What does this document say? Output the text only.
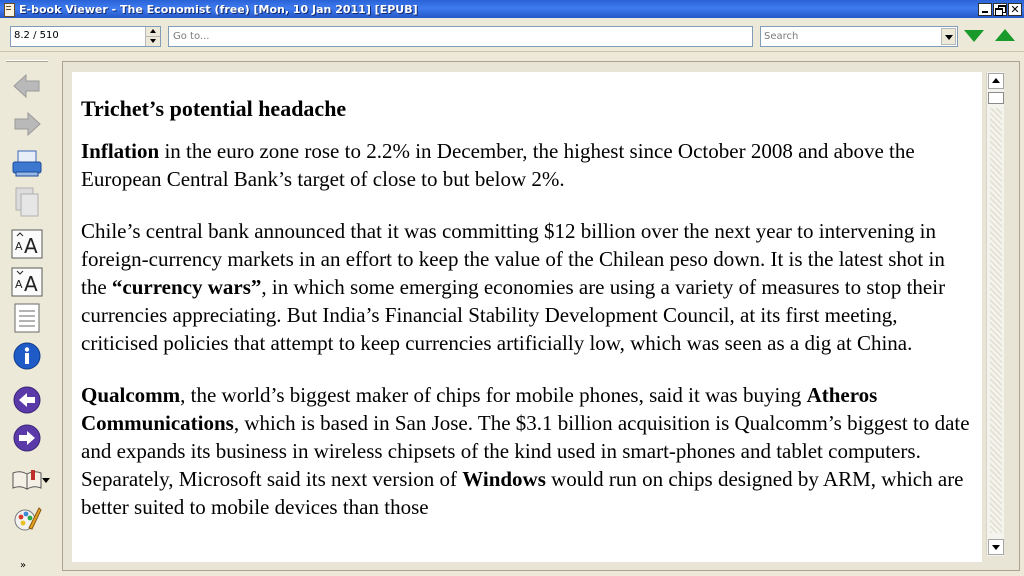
E-book Viewer - The Economist (free) [Mon, 10 Jan 2011] [EPUB]	✕
8.2 / 510
Go to...
Search
A A
A A
»
Trichet’s potential headache

Inflation in the euro zone rose to 2.2% in December, the highest since October 2008 and above the European Central Bank’s target of close to but below 2%.

Chile’s central bank announced that it was committing $12 billion over the next year to intervening in foreign-currency markets in an effort to keep the value of the Chilean peso down. It is the latest shot in the “currency wars”, in which some emerging economies are using a variety of measures to stop their currencies appreciating. But India’s Financial Stability Development Council, at its first meeting, criticised policies that attempt to keep currencies artificially low, which was seen as a dig at China.

Qualcomm, the world’s biggest maker of chips for mobile phones, said it was buying Atheros Communications, which is based in San Jose. The $3.1 billion acquisition is Qualcomm’s biggest to date and expands its business in wireless chipsets of the kind used in smart-phones and tablet computers. Separately, Microsoft said its next version of Windows would run on chips designed by ARM, which are better suited to mobile devices than those
